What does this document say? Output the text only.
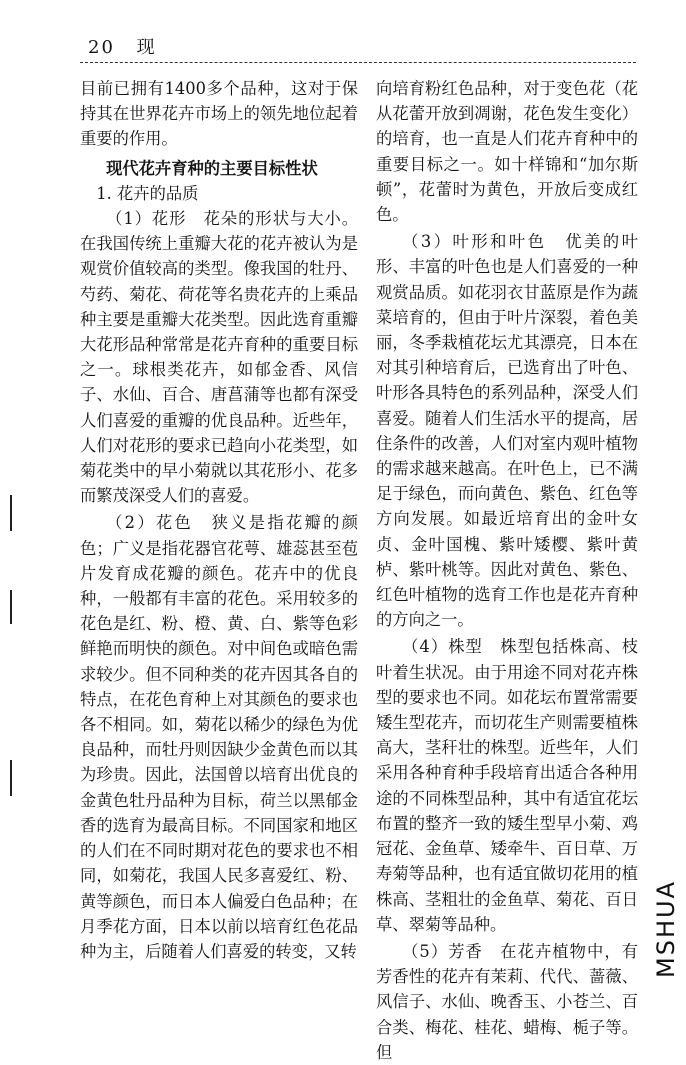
20 现

目前已拥有1400多个品种，这对于保持其在世界花卉市场上的领先地位起着重要的作用。

现代花卉育种的主要目标性状

1. 花卉的品质

（1）花形　花朵的形状与大小。在我国传统上重瓣大花的花卉被认为是观赏价值较高的类型。像我国的牡丹、芍药、菊花、荷花等名贵花卉的上乘品种主要是重瓣大花类型。因此选育重瓣大花形品种常常是花卉育种的重要目标之一。球根类花卉，如郁金香、风信子、水仙、百合、唐菖蒲等也都有深受人们喜爱的重瓣的优良品种。近些年，人们对花形的要求已趋向小花类型，如菊花类中的早小菊就以其花形小、花多而繁茂深受人们的喜爱。

（2）花色　狭义是指花瓣的颜色；广义是指花器官花萼、雄蕊甚至苞片发育成花瓣的颜色。花卉中的优良种，一般都有丰富的花色。采用较多的花色是红、粉、橙、黄、白、紫等色彩鲜艳而明快的颜色。对中间色或暗色需求较少。但不同种类的花卉因其各自的特点，在花色育种上对其颜色的要求也各不相同。如，菊花以稀少的绿色为优良品种，而牡丹则因缺少金黄色而以其为珍贵。因此，法国曾以培育出优良的金黄色牡丹品种为目标，荷兰以黑郁金香的选育为最高目标。不同国家和地区的人们在不同时期对花色的要求也不相同，如菊花，我国人民多喜爱红、粉、黄等颜色，而日本人偏爱白色品种；在月季花方面，日本以前以培育红色花品种为主，后随着人们喜爱的转变，又转

向培育粉红色品种，对于变色花（花从花蕾开放到凋谢，花色发生变化）的培育，也一直是人们花卉育种中的重要目标之一。如十样锦和“加尔斯顿”，花蕾时为黄色，开放后变成红色。

（3）叶形和叶色　优美的叶形、丰富的叶色也是人们喜爱的一种观赏品质。如花羽衣甘蓝原是作为蔬菜培育的，但由于叶片深裂，着色美丽，冬季栽植花坛尤其漂亮，日本在对其引种培育后，已选育出了叶色、叶形各具特色的系列品种，深受人们喜爱。随着人们生活水平的提高，居住条件的改善，人们对室内观叶植物的需求越来越高。在叶色上，已不满足于绿色，而向黄色、紫色、红色等方向发展。如最近培育出的金叶女贞、金叶国槐、紫叶矮樱、紫叶黄栌、紫叶桃等。因此对黄色、紫色、红色叶植物的选育工作也是花卉育种的方向之一。

（4）株型　株型包括株高、枝叶着生状况。由于用途不同对花卉株型的要求也不同。如花坛布置常需要矮生型花卉，而切花生产则需要植株高大，茎秆壮的株型。近些年，人们采用各种育种手段培育出适合各种用途的不同株型品种，其中有适宜花坛布置的整齐一致的矮生型早小菊、鸡冠花、金鱼草、矮牵牛、百日草、万寿菊等品种，也有适宜做切花用的植株高、茎粗壮的金鱼草、菊花、百日草、翠菊等品种。

（5）芳香　在花卉植物中，有芳香性的花卉有茉莉、代代、蔷薇、风信子、水仙、晚香玉、小苍兰、百合类、梅花、桂花、蜡梅、栀子等。但

MSHUA
